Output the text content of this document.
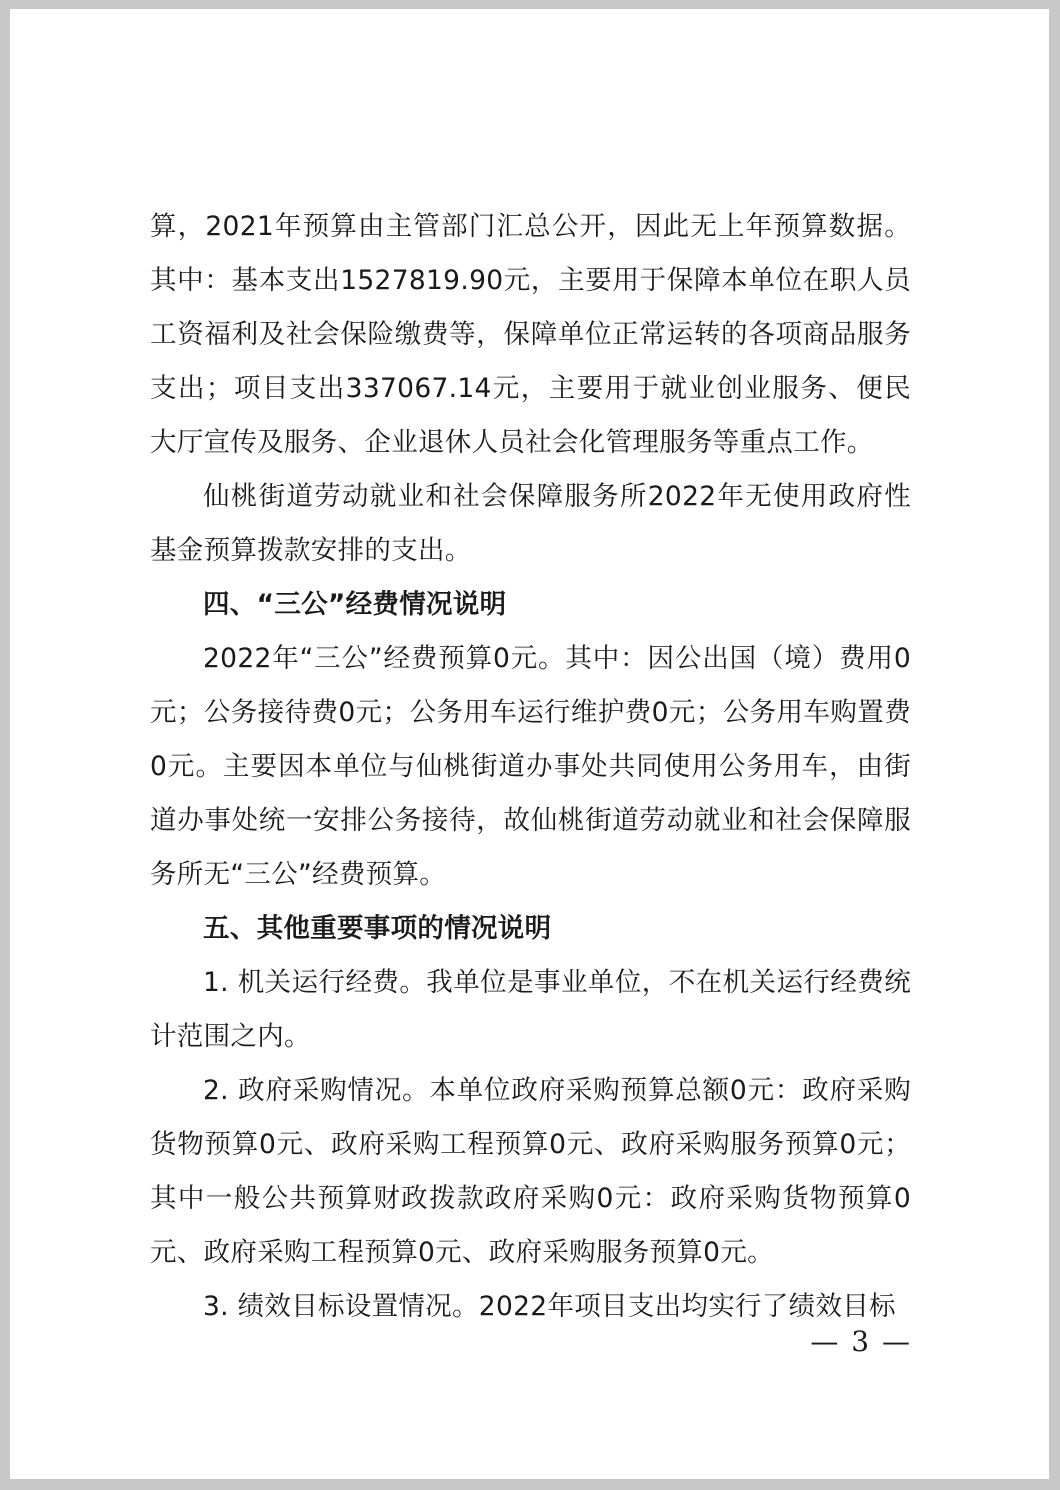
算，2021年预算由主管部门汇总公开，因此无上年预算数据。其中：基本支出1527819.90元，主要用于保障本单位在职人员工资福利及社会保险缴费等，保障单位正常运转的各项商品服务支出；项目支出337067.14元，主要用于就业创业服务、便民大厅宣传及服务、企业退休人员社会化管理服务等重点工作。

仙桃街道劳动就业和社会保障服务所2022年无使用政府性基金预算拨款安排的支出。

四、“三公”经费情况说明

2022年“三公”经费预算0元。其中：因公出国（境）费用0元；公务接待费0元；公务用车运行维护费0元；公务用车购置费0元。主要因本单位与仙桃街道办事处共同使用公务用车，由街道办事处统一安排公务接待，故仙桃街道劳动就业和社会保障服务所无“三公”经费预算。

五、其他重要事项的情况说明

1. 机关运行经费。我单位是事业单位，不在机关运行经费统计范围之内。

2. 政府采购情况。本单位政府采购预算总额0元：政府采购货物预算0元、政府采购工程预算0元、政府采购服务预算0元；其中一般公共预算财政拨款政府采购0元：政府采购货物预算0元、政府采购工程预算0元、政府采购服务预算0元。

3. 绩效目标设置情况。2022年项目支出均实行了绩效目标

— 3 —
